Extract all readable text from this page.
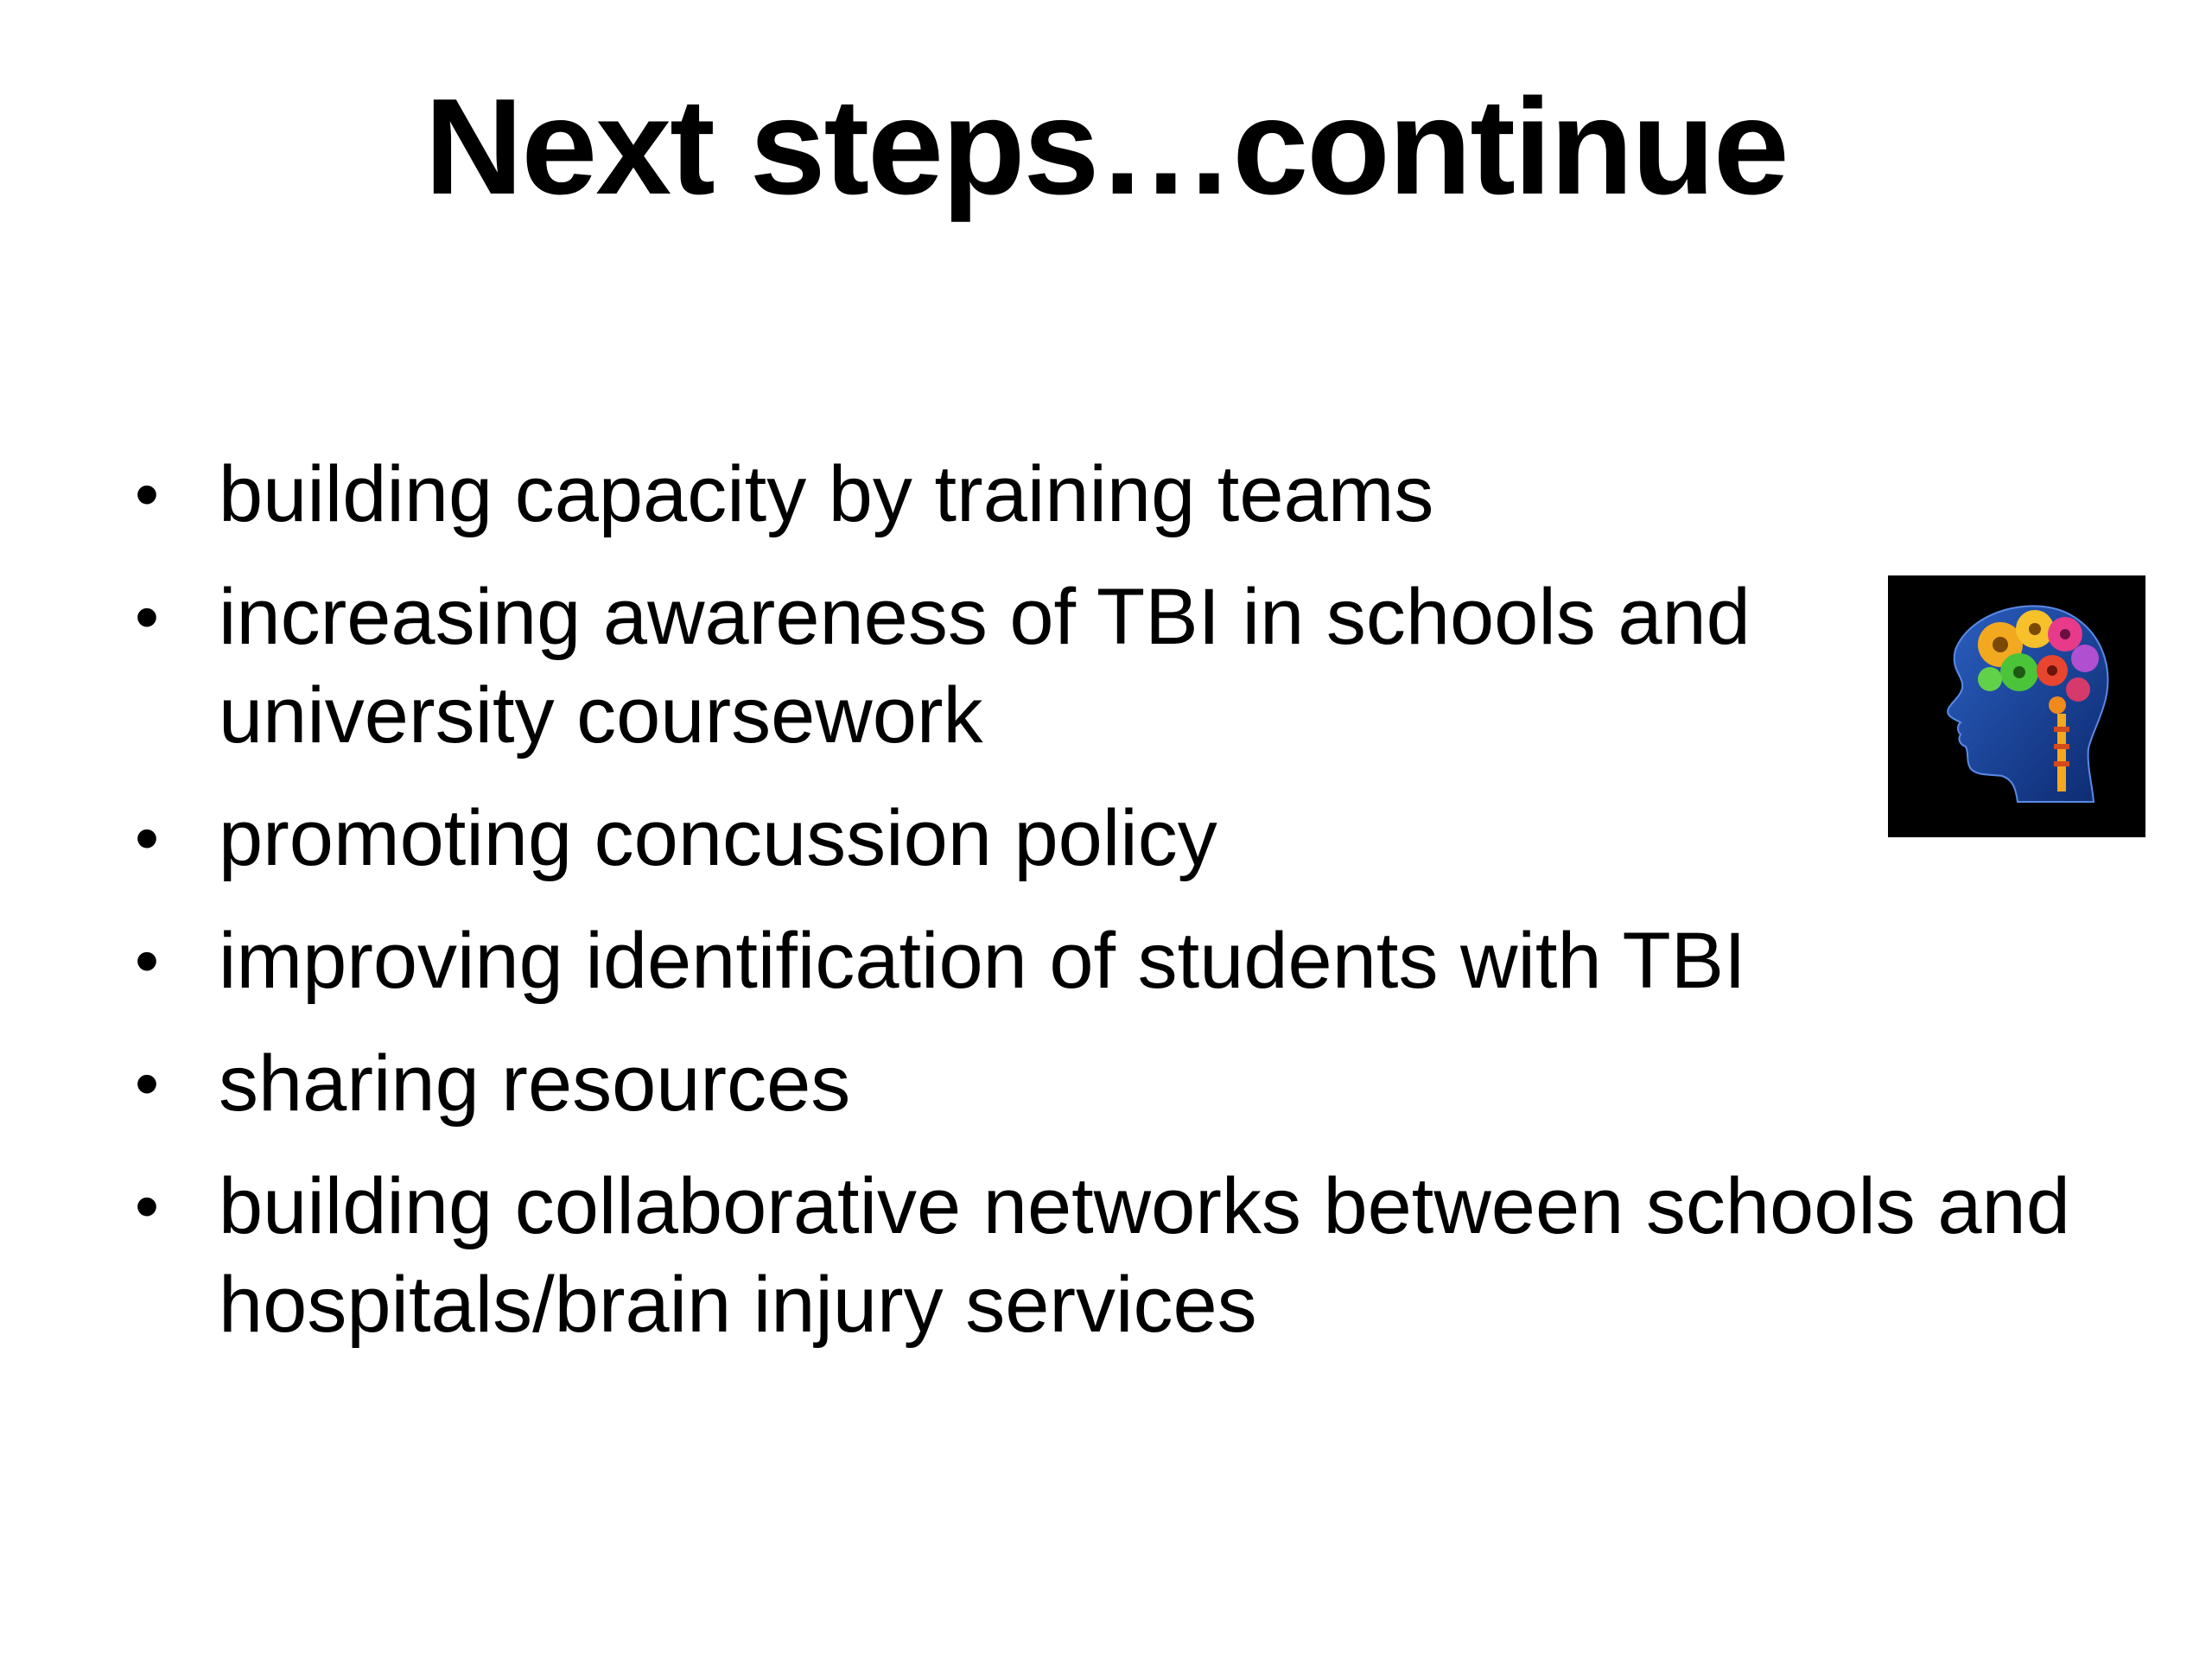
Next steps…continue
• building capacity by training teams
• increasing awareness of TBI in schools and university coursework
• promoting concussion policy
• improving identification of students with TBI
• sharing resources
• building collaborative networks between schools and hospitals/brain injury services
